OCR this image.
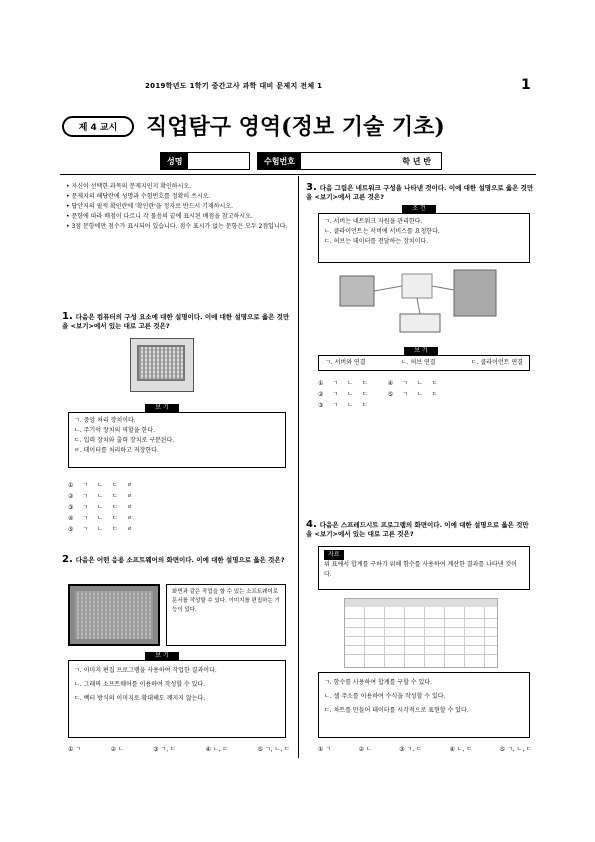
2019학년도 1학기 중간고사 과학 대비 문제지 전체 1	1
제 4 교시	직업탐구 영역(정보 기술 기초)
성명	수험번호	학 년 반
• 자신이 선택한 과목의 문제지인지 확인하시오.
• 문제지의 해당란에 성명과 수험번호를 정확히 쓰시오.
• 답안지의 필적 확인란에 '확인란'을 정자로 반드시 기재하시오.
• 문항에 따라 배점이 다르니 각 물음의 끝에 표시된 배점을 참고하시오.
• 3점 문항에만 점수가 표시되어 있습니다. 점수 표시가 없는 문항은 모두 2점입니다.
1. 다음은 컴퓨터의 구성 요소에 대한 설명이다. 이에 대한 설명으로 옳은 것만을 <보기>에서 있는 대로 고른 것은?
보 기
ㄱ. 중앙 처리 장치이다.
ㄴ. 주기억 장치의 역할을 한다.
ㄷ. 입력 장치와 출력 장치로 구분된다.
ㄹ. 데이터를 처리하고 저장한다.
①	ㄱ	ㄴ	ㄷ	ㄹ
②	ㄱ	ㄴ	ㄷ	ㄹ
③	ㄱ	ㄴ	ㄷ	ㄹ
④	ㄱ	ㄴ	ㄷ	ㄹ
⑤	ㄱ	ㄴ	ㄷ	ㄹ
2. 다음은 어떤 응용 소프트웨어의 화면이다. 이에 대한 설명으로 옳은 것은?
화면과 같은 작업을 할 수 있는 소프트웨어로 문서를 작성할 수 있다. 이미지를 편집하는 기능이 있다.
보 기
ㄱ. 이미지 편집 프로그램을 사용하여 작업한 결과이다.
ㄴ. 그래픽 소프트웨어를 이용하여 작성할 수 있다.
ㄷ. 벡터 방식의 이미지로 확대해도 깨지지 않는다.
① ㄱ	② ㄴ	③ ㄱ, ㄷ	④ ㄴ, ㄷ	⑤ ㄱ, ㄴ, ㄷ
3. 다음 그림은 네트워크 구성을 나타낸 것이다. 이에 대한 설명으로 옳은 것만을 <보기>에서 고른 것은?
조 건
ㄱ. 서버는 네트워크 자원을 관리한다.
ㄴ. 클라이언트는 서버에 서비스를 요청한다.
ㄷ. 허브는 데이터를 전달하는 장치이다.
보 기
ㄱ. 서버와 연결	ㄴ. 허브 연결	ㄷ. 클라이언트 연결
①	ㄱ	ㄴ	ㄷ	④	ㄱ	ㄴ	ㄷ
②	ㄱ	ㄴ	ㄷ	⑤	ㄱ	ㄴ	ㄷ
③	ㄱ	ㄴ	ㄷ				
4. 다음은 스프레드시트 프로그램의 화면이다. 이에 대한 설명으로 옳은 것만을 <보기>에서 있는 대로 고른 것은?
자료
위 표에서 합계를 구하기 위해 함수를 사용하여 계산한 결과를 나타낸 것이다.
ㄱ. 함수를 사용하여 합계를 구할 수 있다.
ㄴ. 셀 주소를 이용하여 수식을 작성할 수 있다.
ㄷ. 차트를 만들어 데이터를 시각적으로 표현할 수 있다.
① ㄱ	② ㄴ	③ ㄱ, ㄷ	④ ㄴ, ㄷ	⑤ ㄱ, ㄴ, ㄷ
